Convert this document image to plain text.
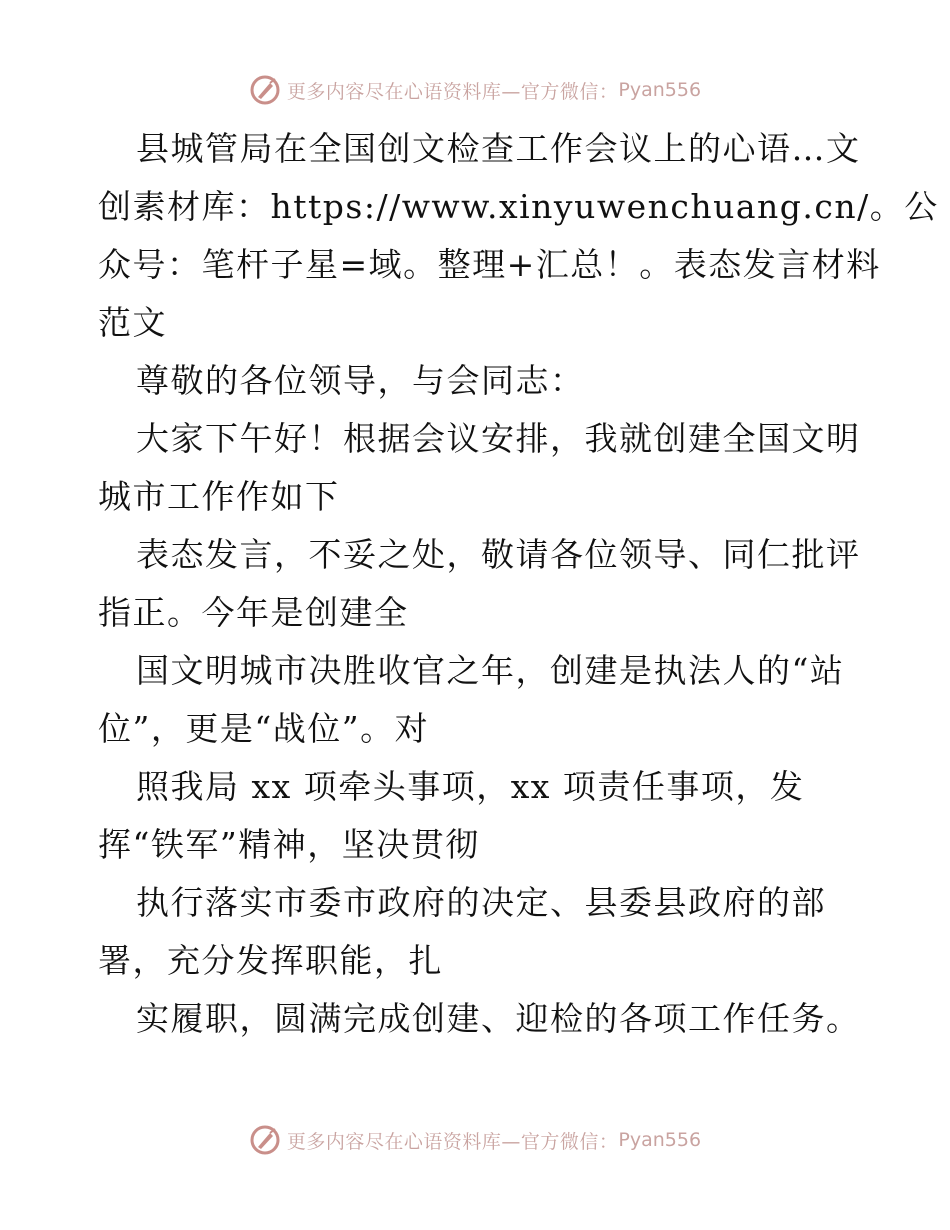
更多内容尽在心语资料库—官方微信： Pyan556
县城管局在全国创文检查工作会议上的心语…文
创素材库：https://www.xinyuwenchuang.cn/。公
众号：笔杆子星=域。整理+汇总！。表态发言材料
范文
尊敬的各位领导，与会同志：
大家下午好！根据会议安排，我就创建全国文明
城市工作作如下
表态发言，不妥之处，敬请各位领导、同仁批评
指正。今年是创建全
国文明城市决胜收官之年，创建是执法人的“站
位”，更是“战位”。对
照我局 xx 项牵头事项，xx 项责任事项，发
挥“铁军”精神，坚决贯彻
执行落实市委市政府的决定、县委县政府的部
署，充分发挥职能，扎
实履职，圆满完成创建、迎检的各项工作任务。
更多内容尽在心语资料库—官方微信： Pyan556
